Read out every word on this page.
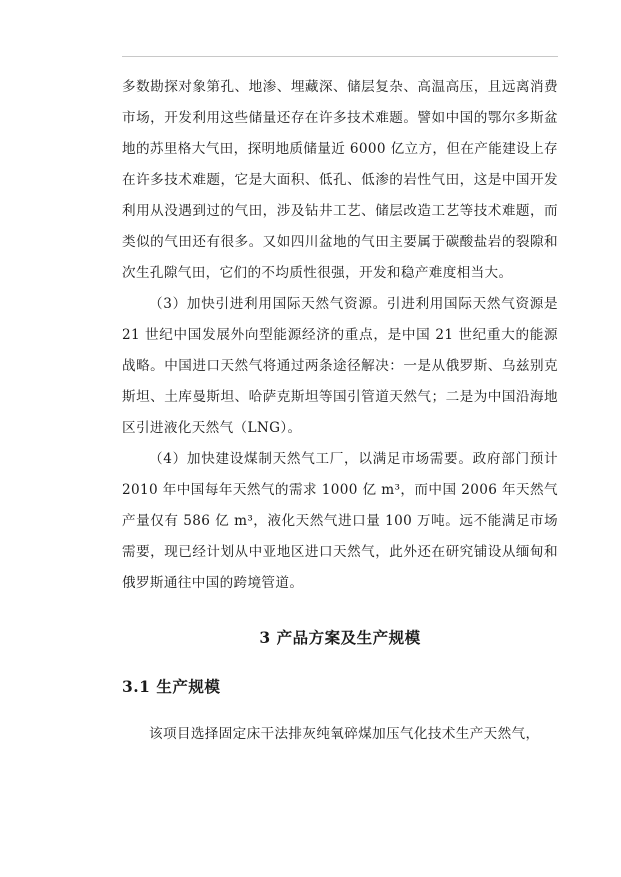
多数勘探对象第孔、地渗、埋藏深、储层复杂、高温高压，且远离消费市场，开发利用这些储量还存在许多技术难题。譬如中国的鄂尔多斯盆地的苏里格大气田，探明地质储量近 6000 亿立方，但在产能建设上存在许多技术难题，它是大面积、低孔、低渗的岩性气田，这是中国开发利用从没遇到过的气田，涉及钻井工艺、储层改造工艺等技术难题，而类似的气田还有很多。又如四川盆地的气田主要属于碳酸盐岩的裂隙和次生孔隙气田，它们的不均质性很强，开发和稳产难度相当大。

（3）加快引进利用国际天然气资源。引进利用国际天然气资源是 21 世纪中国发展外向型能源经济的重点，是中国 21 世纪重大的能源战略。中国进口天然气将通过两条途径解决：一是从俄罗斯、乌兹别克斯坦、土库曼斯坦、哈萨克斯坦等国引管道天然气；二是为中国沿海地区引进液化天然气（LNG）。

（4）加快建设煤制天然气工厂，以满足市场需要。政府部门预计 2010 年中国每年天然气的需求 1000 亿 m³，而中国 2006 年天然气产量仅有 586 亿 m³，液化天然气进口量 100 万吨。远不能满足市场需要，现已经计划从中亚地区进口天然气，此外还在研究铺设从缅甸和俄罗斯通往中国的跨境管道。

3 产品方案及生产规模
3.1 生产规模

该项目选择固定床干法排灰纯氧碎煤加压气化技术生产天然气，
